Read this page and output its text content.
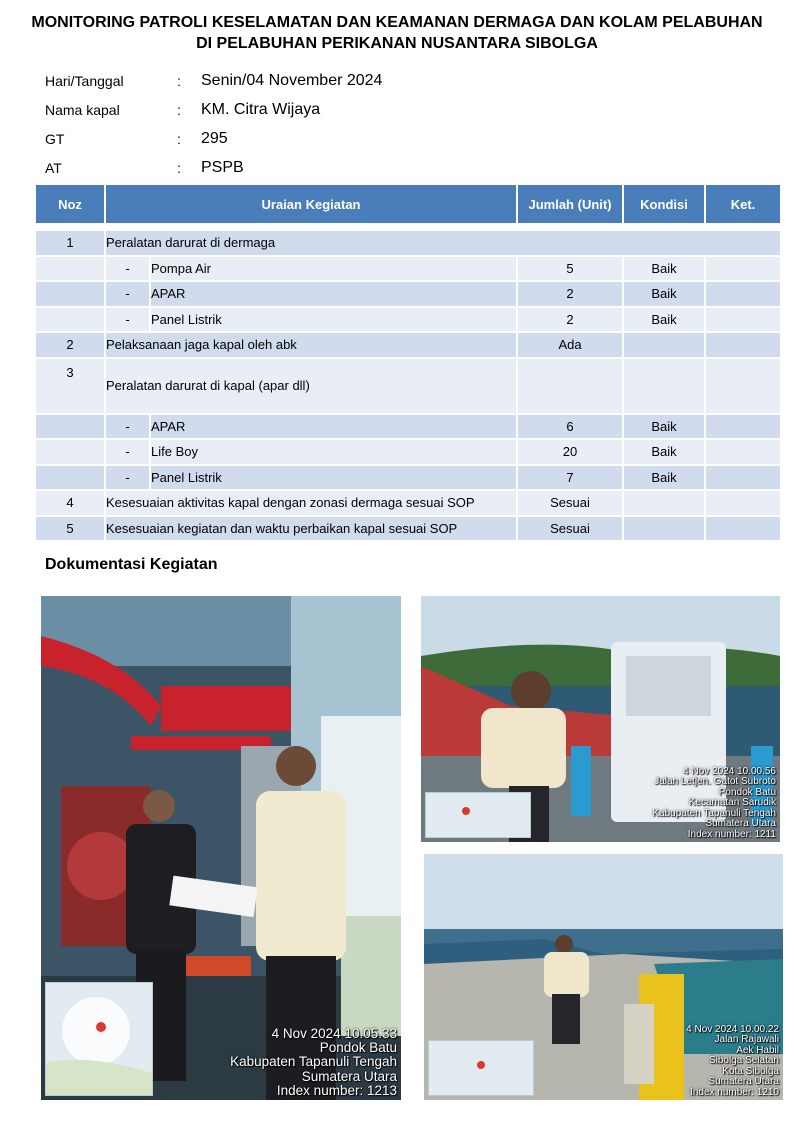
MONITORING PATROLI KESELAMATAN DAN KEAMANAN DERMAGA DAN KOLAM PELABUHAN
DI PELABUHAN PERIKANAN NUSANTARA SIBOLGA
Hari/Tanggal	:	Senin/04 November 2024
Nama kapal	:	KM. Citra Wijaya
GT	:	295
AT	:	PSPB
Noz	Uraian Kegiatan		Jumlah (Unit)	Kondisi	Ket.

1	Peralatan darurat di dermaga				
	-	Pompa Air	5	Baik	
	-	APAR	2	Baik	
	-	Panel Listrik	2	Baik	
2	Pelaksanaan jaga kapal oleh abk		Ada		
3	Peralatan darurat di kapal (apar dll)				
	-	APAR	6	Baik	
	-	Life Boy	20	Baik	
	-	Panel Listrik	7	Baik	
4	Kesesuaian aktivitas kapal dengan zonasi dermaga sesuai SOP		Sesuai		
5	Kesesuaian kegiatan dan waktu perbaikan kapal sesuai SOP		Sesuai		
Dokumentasi Kegiatan
4 Nov 2024 10.05.33
Pondok Batu
Kabupaten Tapanuli Tengah
Sumatera Utara
Index number: 1213
4 Nov 2024 10.00.56
Jalan Letjen. Gatot Subroto
Pondok Batu
Kecamatan Sarudik
Kabupaten Tapanuli Tengah
Sumatera Utara
Index number: 1211
4 Nov 2024 10.00.22
Jalan Rajawali
Aek Habil
Sibolga Selatan
Kota Sibolga
Sumatera Utara
Index number: 1210
